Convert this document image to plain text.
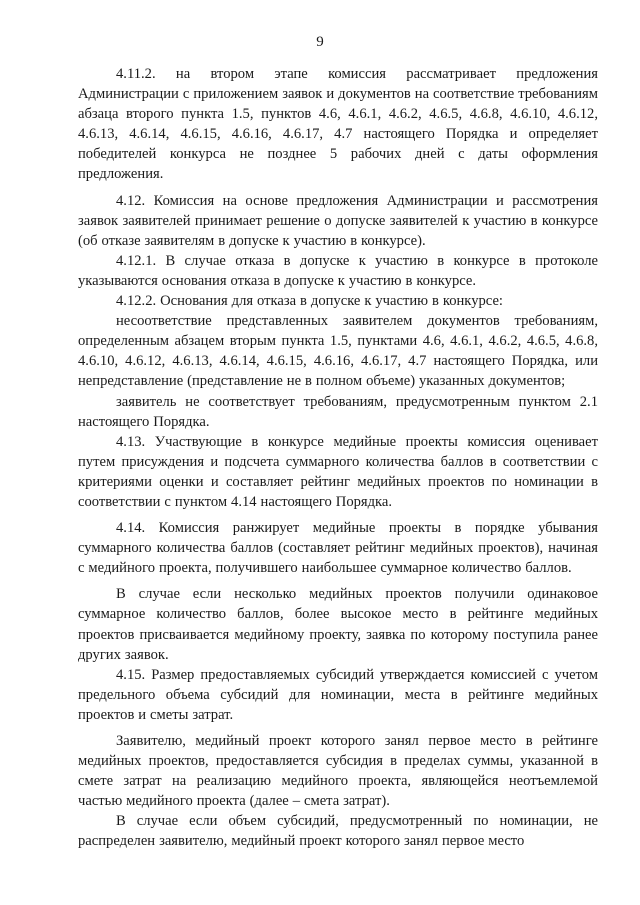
9

4.11.2. на втором этапе комиссия рассматривает предложения Администрации с приложением заявок и документов на соответствие требованиям абзаца второго пункта 1.5, пунктов 4.6, 4.6.1, 4.6.2, 4.6.5, 4.6.8, 4.6.10, 4.6.12, 4.6.13, 4.6.14, 4.6.15, 4.6.16, 4.6.17, 4.7 настоящего Порядка и определяет победителей конкурса не позднее 5 рабочих дней с даты оформления предложения.

4.12. Комиссия на основе предложения Администрации и рассмотрения заявок заявителей принимает решение о допуске заявителей к участию в конкурсе (об отказе заявителям в допуске к участию в конкурсе).

4.12.1. В случае отказа в допуске к участию в конкурсе в протоколе указываются основания отказа в допуске к участию в конкурсе.

4.12.2. Основания для отказа в допуске к участию в конкурсе:

несоответствие представленных заявителем документов требованиям, определенным абзацем вторым пункта 1.5, пунктами 4.6, 4.6.1, 4.6.2, 4.6.5, 4.6.8, 4.6.10, 4.6.12, 4.6.13, 4.6.14, 4.6.15, 4.6.16, 4.6.17, 4.7 настоящего Порядка, или непредставление (представление не в полном объеме) указанных документов;

заявитель не соответствует требованиям, предусмотренным пунктом 2.1 настоящего Порядка.

4.13. Участвующие в конкурсе медийные проекты комиссия оценивает путем присуждения и подсчета суммарного количества баллов в соответствии с критериями оценки и составляет рейтинг медийных проектов по номинации в соответствии с пунктом 4.14 настоящего Порядка.

4.14. Комиссия ранжирует медийные проекты в порядке убывания суммарного количества баллов (составляет рейтинг медийных проектов), начиная с медийного проекта, получившего наибольшее суммарное количество баллов.

В случае если несколько медийных проектов получили одинаковое суммарное количество баллов, более высокое место в рейтинге медийных проектов присваивается медийному проекту, заявка по которому поступила ранее других заявок.

4.15. Размер предоставляемых субсидий утверждается комиссией с учетом предельного объема субсидий для номинации, места в рейтинге медийных проектов и сметы затрат.

Заявителю, медийный проект которого занял первое место в рейтинге медийных проектов, предоставляется субсидия в пределах суммы, указанной в смете затрат на реализацию медийного проекта, являющейся неотъемлемой частью медийного проекта (далее – смета затрат).

В случае если объем субсидий, предусмотренный по номинации, не распределен заявителю, медийный проект которого занял первое место
